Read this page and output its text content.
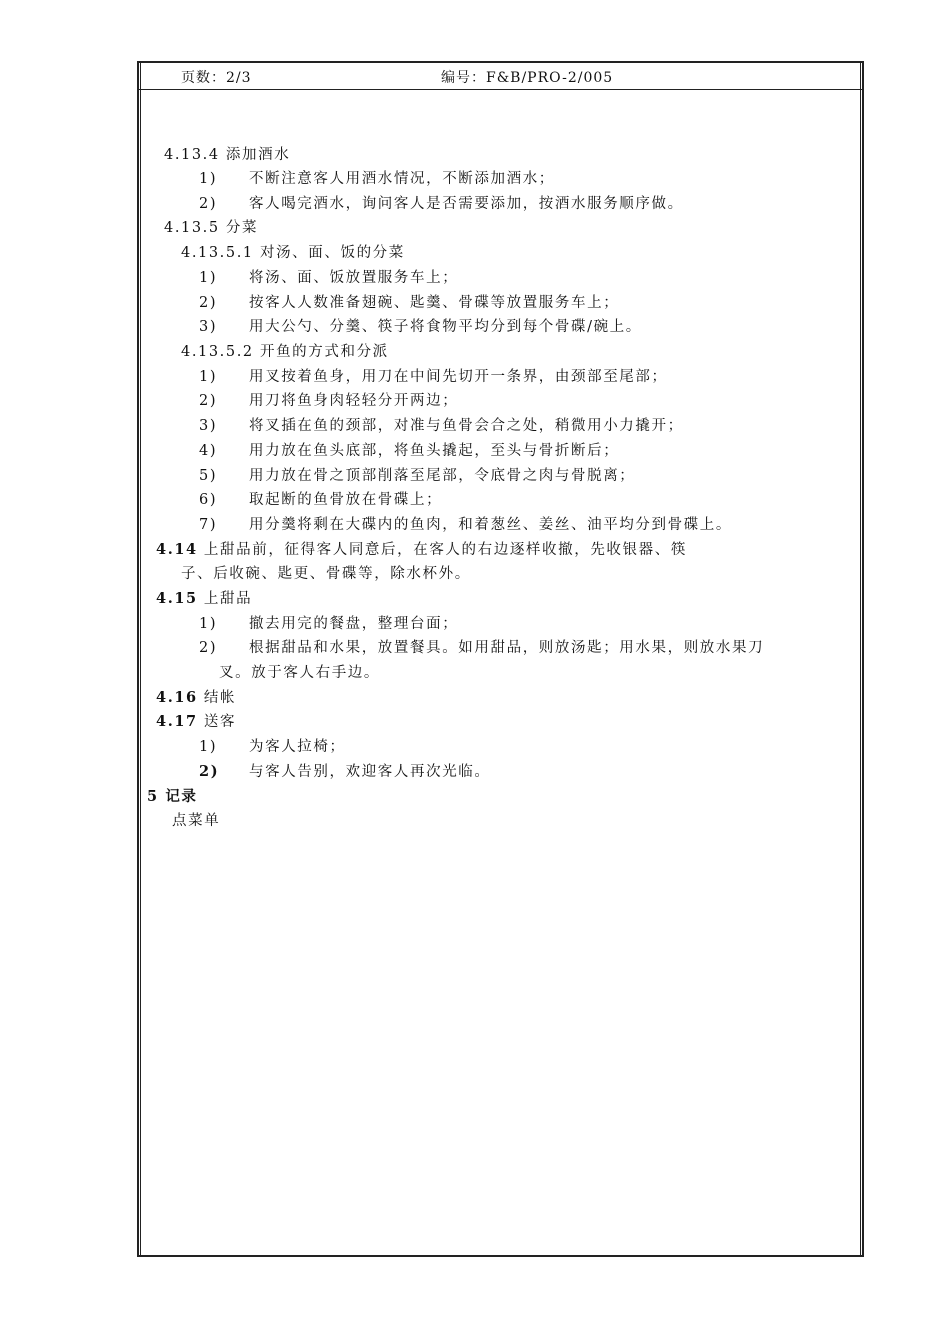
页数：2/3	编号：F&B/PRO-2/005
4.13.4 添加酒水
1) 不断注意客人用酒水情况，不断添加酒水；
2) 客人喝完酒水，询问客人是否需要添加，按酒水服务顺序做。
4.13.5 分菜
4.13.5.1 对汤、面、饭的分菜
1) 将汤、面、饭放置服务车上；
2) 按客人人数准备翅碗、匙羹、骨碟等放置服务车上；
3) 用大公勺、分羹、筷子将食物平均分到每个骨碟/碗上。
4.13.5.2 开鱼的方式和分派
1) 用叉按着鱼身，用刀在中间先切开一条界，由颈部至尾部；
2) 用刀将鱼身肉轻轻分开两边；
3) 将叉插在鱼的颈部，对准与鱼骨会合之处，稍微用小力撬开；
4) 用力放在鱼头底部，将鱼头撬起，至头与骨折断后；
5) 用力放在骨之顶部削落至尾部，令底骨之肉与骨脱离；
6) 取起断的鱼骨放在骨碟上；
7) 用分羹将剩在大碟内的鱼肉，和着葱丝、姜丝、油平均分到骨碟上。
4.14 上甜品前，征得客人同意后，在客人的右边逐样收撤，先收银器、筷
子、后收碗、匙更、骨碟等，除水杯外。
4.15 上甜品
1) 撤去用完的餐盘，整理台面；
2) 根据甜品和水果，放置餐具。如用甜品，则放汤匙；用水果，则放水果刀
叉。放于客人右手边。
4.16 结帐
4.17 送客
1) 为客人拉椅；
2) 与客人告别，欢迎客人再次光临。
5 记录
点菜单
